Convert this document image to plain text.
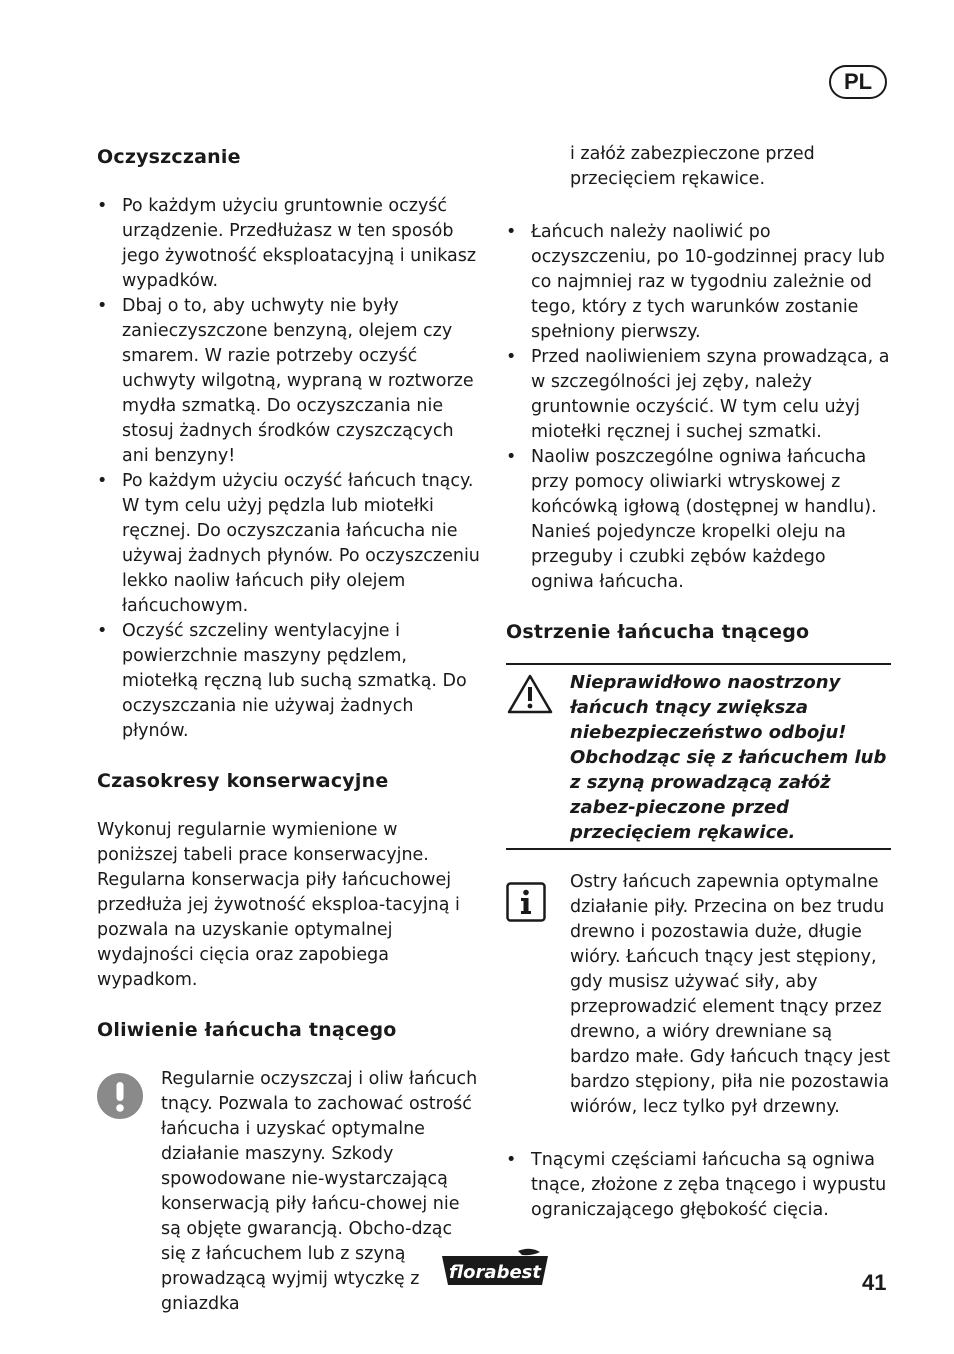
PL
Oczyszczanie
• Po każdym użyciu gruntownie oczyść urządzenie. Przedłużasz w ten sposób jego żywotność eksploatacyjną i unikasz wypadków.
• Dbaj o to, aby uchwyty nie były zanieczyszczone benzyną, olejem czy smarem. W razie potrzeby oczyść uchwyty wilgotną, wypraną w roztworze mydła szmatką. Do oczyszczania nie stosuj żadnych środków czyszczących ani benzyny!
• Po każdym użyciu oczyść łańcuch tnący. W tym celu użyj pędzla lub miotełki ręcznej. Do oczyszczania łańcucha nie używaj żadnych płynów. Po oczyszczeniu lekko naoliw łańcuch piły olejem łańcuchowym.
• Oczyść szczeliny wentylacyjne i powierzchnie maszyny pędzlem, miotełką ręczną lub suchą szmatką. Do oczyszczania nie używaj żadnych płynów.
Czasokresy konserwacyjne
Wykonuj regularnie wymienione w poniższej tabeli prace konserwacyjne. Regularna konserwacja piły łańcuchowej przedłuża jej żywotność eksploa-tacyjną i pozwala na uzyskanie optymalnej wydajności cięcia oraz zapobiega wypadkom.
Oliwienie łańcucha tnącego
Regularnie oczyszczaj i oliw łańcuch tnący. Pozwala to zachować ostrość łańcucha i uzyskać optymalne działanie maszyny. Szkody spowodowane nie-wystarczającą konserwacją piły łańcu-chowej nie są objęte gwarancją. Obcho-dząc się z łańcuchem lub z szyną prowadzącą wyjmij wtyczkę z gniazdka
i załóż zabezpieczone przed przecięciem rękawice.
• Łańcuch należy naoliwić po oczyszczeniu, po 10-godzinnej pracy lub co najmniej raz w tygodniu zależnie od tego, który z tych warunków zostanie spełniony pierwszy.
• Przed naoliwieniem szyna prowadząca, a w szczególności jej zęby, należy gruntownie oczyścić. W tym celu użyj miotełki ręcznej i suchej szmatki.
• Naoliw poszczególne ogniwa łańcucha przy pomocy oliwiarki wtryskowej z końcówką igłową (dostępnej w handlu). Nanieś pojedyncze kropelki oleju na przeguby i czubki zębów każdego ogniwa łańcucha.
Ostrzenie łańcucha tnącego
Nieprawidłowo naostrzony łańcuch tnący zwiększa niebezpieczeństwo odboju! Obchodząc się z łańcuchem lub z szyną prowadzącą załóż zabez-pieczone przed przecięciem rękawice.
Ostry łańcuch zapewnia optymalne działanie piły. Przecina on bez trudu drewno i pozostawia duże, długie wióry. Łańcuch tnący jest stępiony, gdy musisz używać siły, aby przeprowadzić element tnący przez drewno, a wióry drewniane są bardzo małe. Gdy łańcuch tnący jest bardzo stępiony, piła nie pozostawia wiórów, lecz tylko pył drzewny.
• Tnącymi częściami łańcucha są ogniwa tnące, złożone z zęba tnącego i wypustu ograniczającego głębokość cięcia.
florabest	41
